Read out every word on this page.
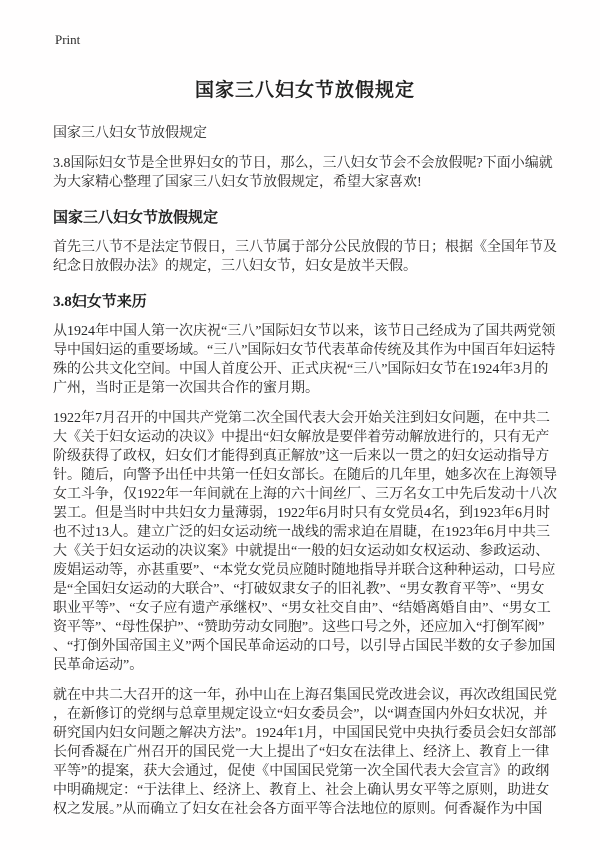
Print
国家三八妇女节放假规定
国家三八妇女节放假规定

3.8国际妇女节是全世界妇女的节日，那么，三八妇女节会不会放假呢?下面小编就为大家精心整理了国家三八妇女节放假规定，希望大家喜欢!

国家三八妇女节放假规定

首先三八节不是法定节假日，三八节属于部分公民放假的节日；根据《全国年节及纪念日放假办法》的规定，三八妇女节，妇女是放半天假。

3.8妇女节来历

从1924年中国人第一次庆祝“三八”国际妇女节以来，该节日己经成为了国共两党领导中国妇运的重要场域。“三八”国际妇女节代表革命传统及其作为中国百年妇运特殊的公共文化空间。中国人首度公开、正式庆祝“三八”国际妇女节在1924年3月的广州，当时正是第一次国共合作的蜜月期。

1922年7月召开的中国共产党第二次全国代表大会开始关注到妇女问题，在中共二大《关于妇女运动的决议》中提出“妇女解放是要伴着劳动解放进行的，只有无产阶级获得了政权，妇女们才能得到真正解放”这一后来以一贯之的妇女运动指导方针。随后，向警予出任中共第一任妇女部长。在随后的几年里，她多次在上海领导女工斗争，仅1922年一年间就在上海的六十间丝厂、三万名女工中先后发动十八次罢工。但是当时中共妇女力量薄弱，1922年6月时只有女党员4名，到1923年6月时也不过13人。建立广泛的妇女运动统一战线的需求迫在眉睫，在1923年6月中共三大《关于妇女运动的决议案》中就提出“一般的妇女运动如女权运动、参政运动、废娼运动等，亦甚重要”、“本党女党员应随时随地指导并联合这种种运动，口号应是“全国妇女运动的大联合”、“打破奴隶女子的旧礼教”、“男女教育平等”、“男女职业平等”、“女子应有遗产承继权”、“男女社交自由”、“结婚离婚自由”、“男女工资平等”、“母性保护”、“赞助劳动女同胞”。这些口号之外，还应加入“打倒军阀”、“打倒外国帝国主义”两个国民革命运动的口号，以引导占国民半数的女子参加国民革命运动”。

就在中共二大召开的这一年，孙中山在上海召集国民党改进会议，再次改组国民党，在新修订的党纲与总章里规定设立“妇女委员会”，以“调查国内外妇女状况，并研究国内妇女问题之解决方法”。1924年1月，中国国民党中央执行委员会妇女部部长何香凝在广州召开的国民党一大上提出了“妇女在法律上、经济上、教育上一律平等”的提案，获大会通过，促使《中国国民党第一次全国代表大会宣言》的政纲中明确规定：“于法律上、经济上、教育上、社会上确认男女平等之原则，助进女权之发展。”从而确立了妇女在社会各方面平等合法地位的原则。何香凝作为中国
